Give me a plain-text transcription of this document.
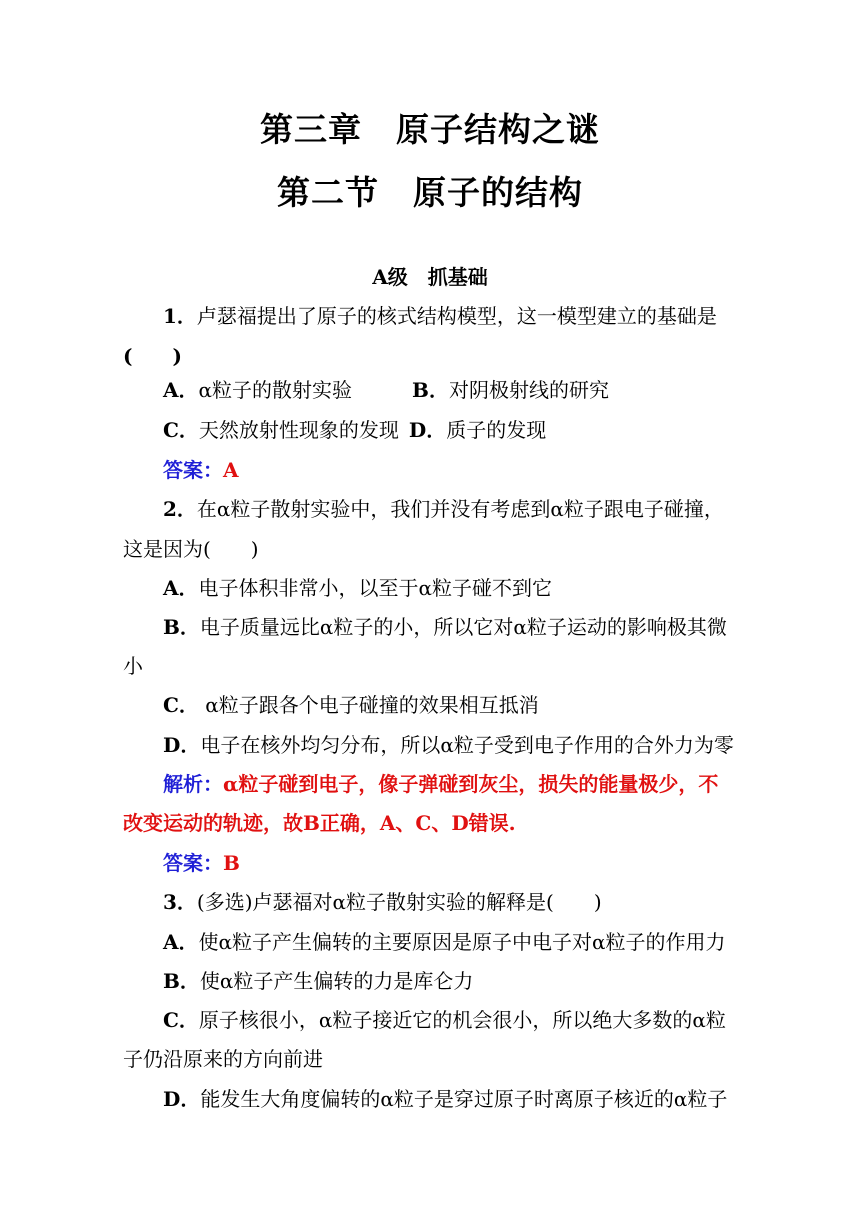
第三章 原子结构之谜
第二节 原子的结构
A级　抓基础
1．卢瑟福提出了原子的核式结构模型，这一模型建立的基础是
(　　)
A．α粒子的散射实验	B．对阴极射线的研究
C．天然放射性现象的发现 D．质子的发现
答案：A
2．在α粒子散射实验中，我们并没有考虑到α粒子跟电子碰撞，
这是因为(　　)
A．电子体积非常小，以至于α粒子碰不到它
B．电子质量远比α粒子的小，所以它对α粒子运动的影响极其微
小
C． α粒子跟各个电子碰撞的效果相互抵消
D．电子在核外均匀分布，所以α粒子受到电子作用的合外力为零
解析：α粒子碰到电子，像子弹碰到灰尘，损失的能量极少，不
改变运动的轨迹，故B正确，A、C、D错误.
答案：B
3．(多选)卢瑟福对α粒子散射实验的解释是(　　)
A．使α粒子产生偏转的主要原因是原子中电子对α粒子的作用力
B．使α粒子产生偏转的力是库仑力
C．原子核很小，α粒子接近它的机会很小，所以绝大多数的α粒
子仍沿原来的方向前进
D．能发生大角度偏转的α粒子是穿过原子时离原子核近的α粒子
